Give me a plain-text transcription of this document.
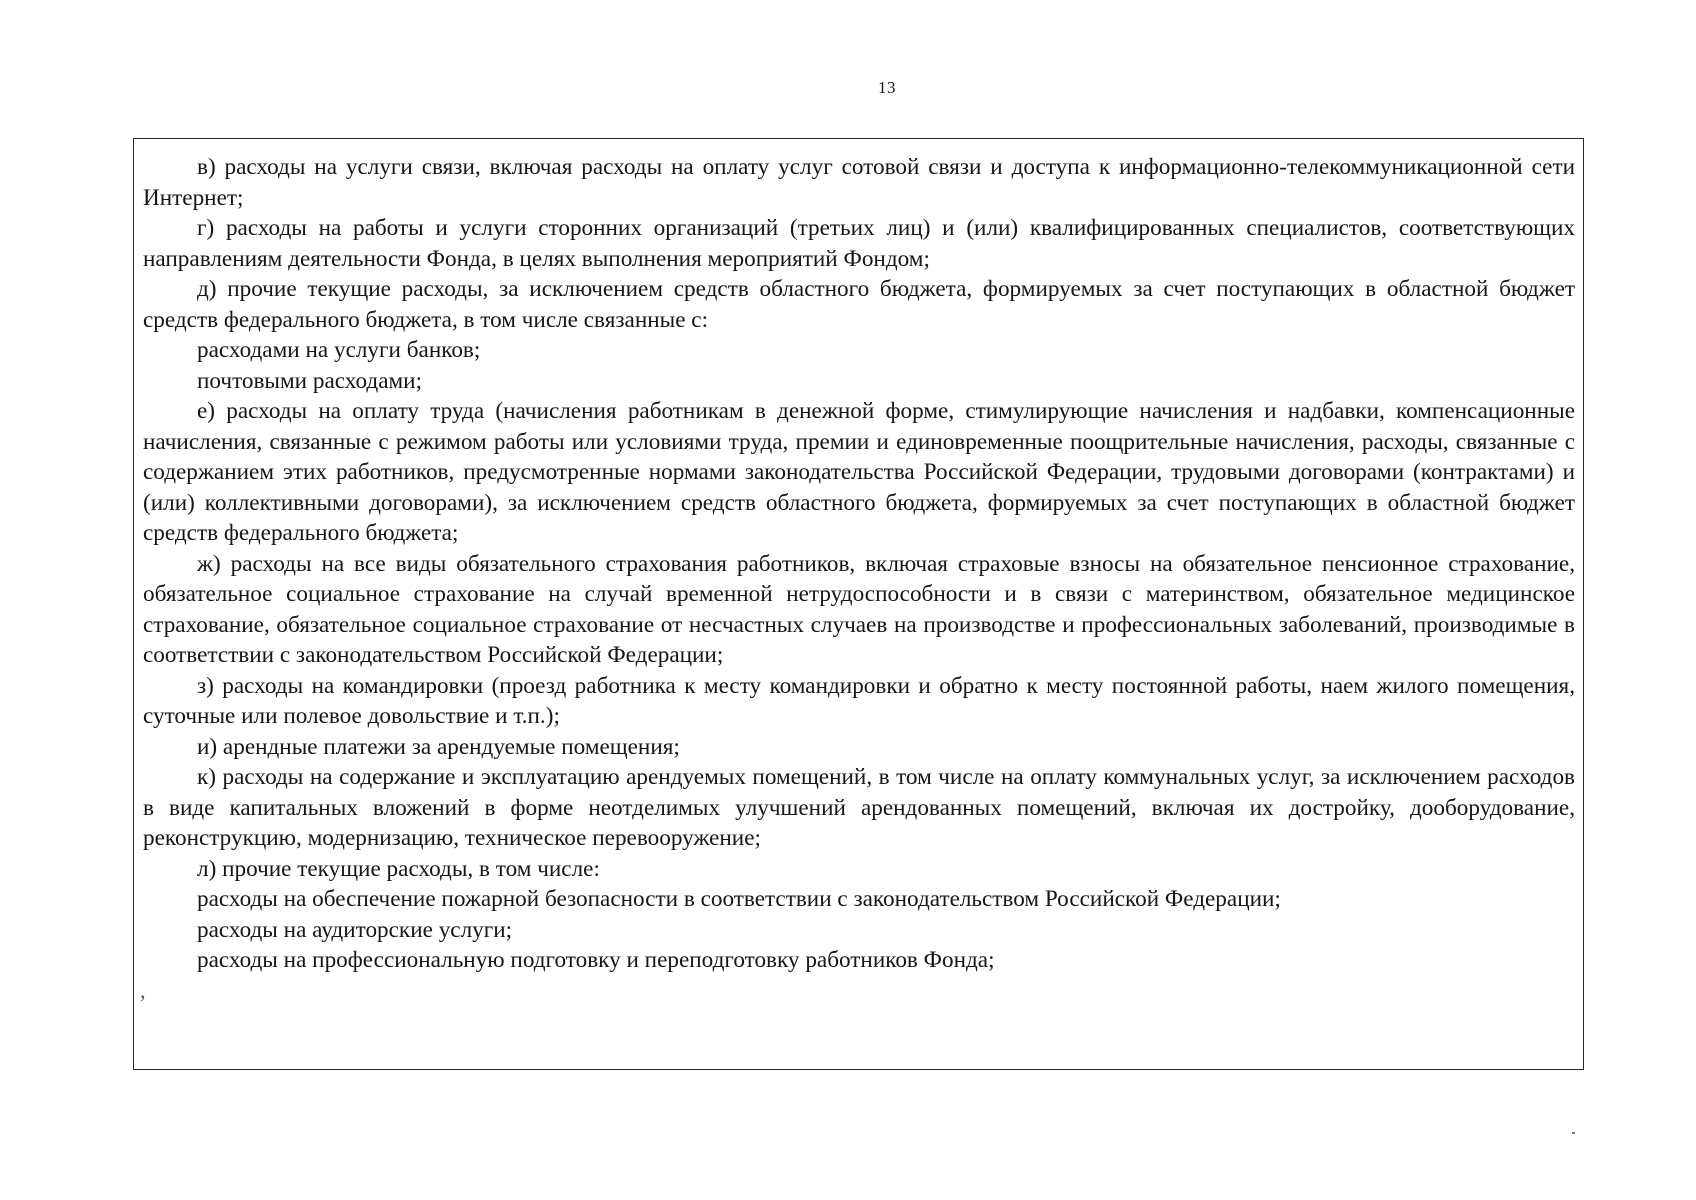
13

в) расходы на услуги связи, включая расходы на оплату услуг сотовой связи и доступа к информационно-телекоммуникационной сети Интернет;

г) расходы на работы и услуги сторонних организаций (третьих лиц) и (или) квалифицированных специалистов, соответствующих направлениям деятельности Фонда, в целях выполнения мероприятий Фондом;

д) прочие текущие расходы, за исключением средств областного бюджета, формируемых за счет поступающих в областной бюджет средств федерального бюджета, в том числе связанные с:

расходами на услуги банков;

почтовыми расходами;

е) расходы на оплату труда (начисления работникам в денежной форме, стимулирующие начисления и надбавки, компенсационные начисления, связанные с режимом работы или условиями труда, премии и единовременные поощрительные начисления, расходы, связанные с содержанием этих работников, предусмотренные нормами законодательства Российской Федерации, трудовыми договорами (контрактами) и (или) коллективными договорами), за исключением средств областного бюджета, формируемых за счет поступающих в областной бюджет средств федерального бюджета;

ж) расходы на все виды обязательного страхования работников, включая страховые взносы на обязательное пенсионное страхование, обязательное социальное страхование на случай временной нетрудоспособности и в связи с материнством, обязательное медицинское страхование, обязательное социальное страхование от несчастных случаев на производстве и профессиональных заболеваний, производимые в соответствии с законодательством Российской Федерации;

з) расходы на командировки (проезд работника к месту командировки и обратно к месту постоянной работы, наем жилого помещения, суточные или полевое довольствие и т.п.);

и) арендные платежи за арендуемые помещения;

к) расходы на содержание и эксплуатацию арендуемых помещений, в том числе на оплату коммунальных услуг, за исключением расходов в виде капитальных вложений в форме неотделимых улучшений арендованных помещений, включая их достройку, дооборудование, реконструкцию, модернизацию, техническое перевооружение;

л) прочие текущие расходы, в том числе:

расходы на обеспечение пожарной безопасности в соответствии с законодательством Российской Федерации;

расходы на аудиторские услуги;

расходы на профессиональную подготовку и переподготовку работников Фонда;

‚
